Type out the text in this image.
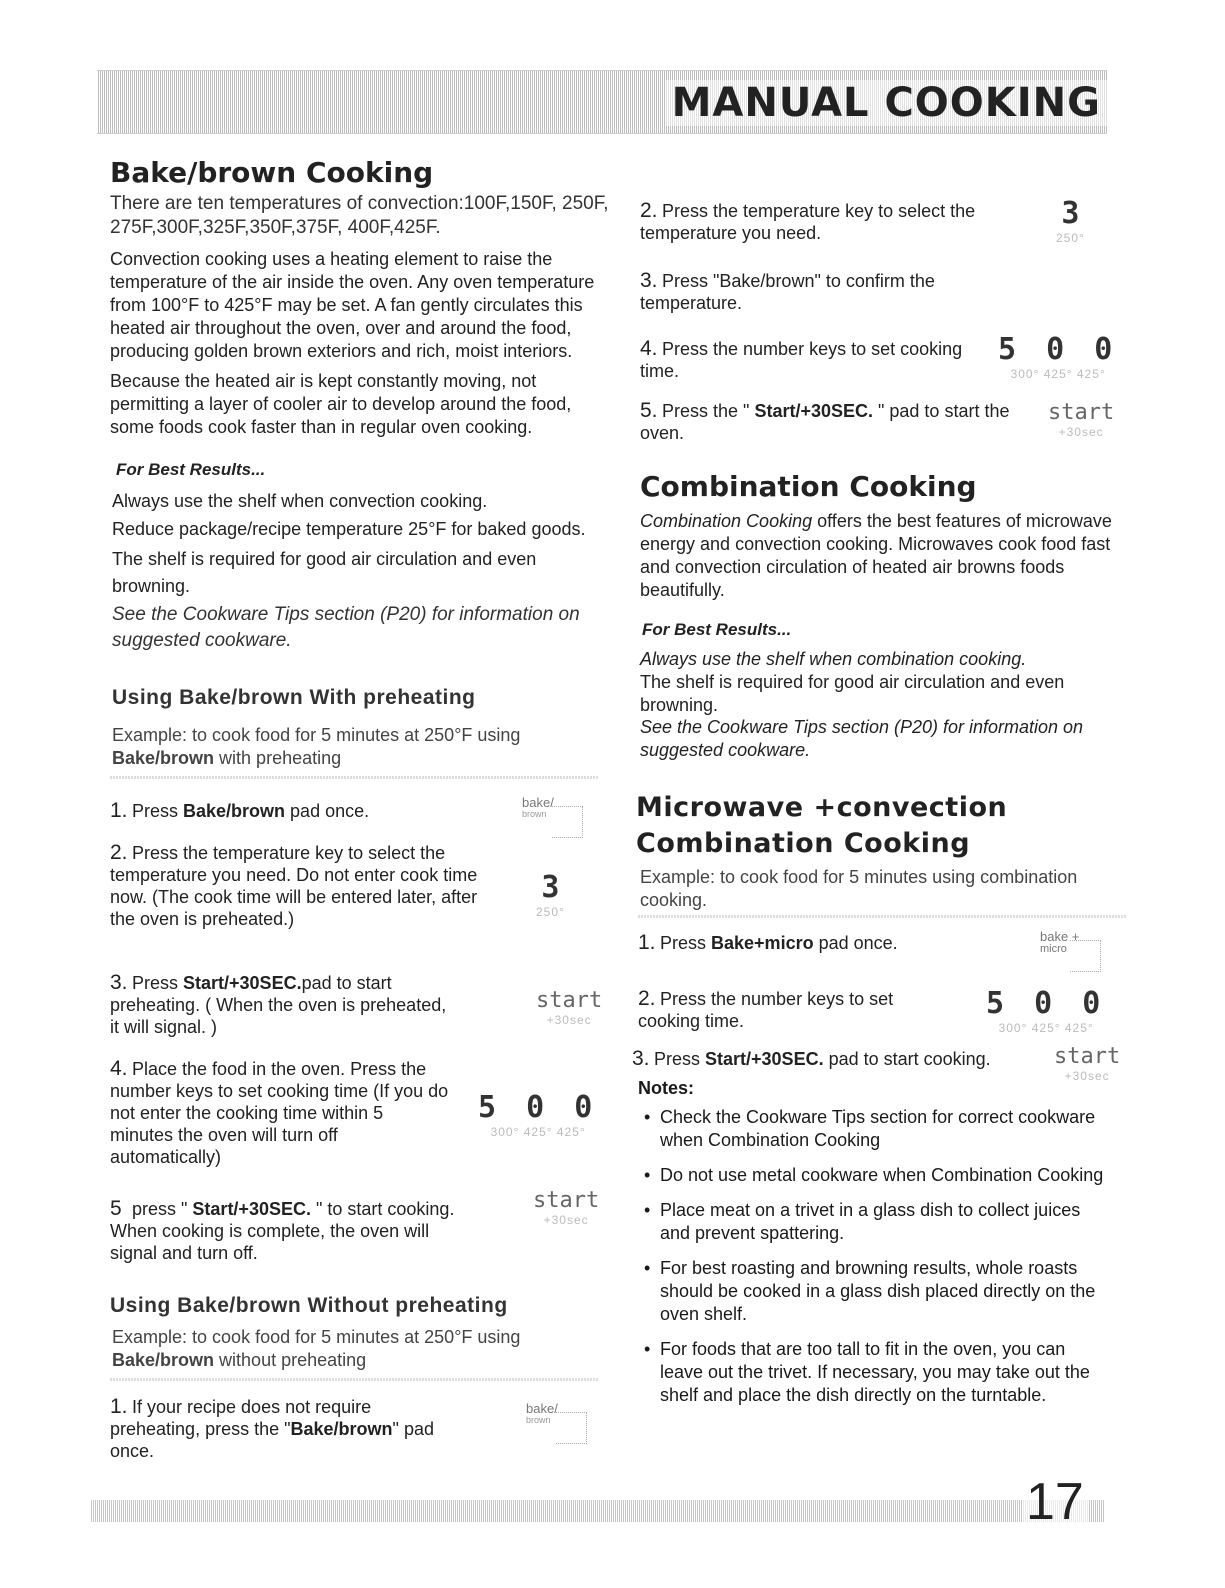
MANUAL COOKING
Bake/brown Cooking

There are ten temperatures of convection:100F,150F, 250F, 275F,300F,325F,350F,375F, 400F,425F.

Convection cooking uses a heating element to raise the temperature of the air inside the oven. Any oven temperature from 100°F to 425°F may be set. A fan gently circulates this heated air throughout the oven, over and around the food, producing golden brown exteriors and rich, moist interiors.

Because the heated air is kept constantly moving, not permitting a layer of cooler air to develop around the food, some foods cook faster than in regular oven cooking.

For Best Results...

Always use the shelf when convection cooking.

Reduce package/recipe temperature 25°F for baked goods.

The shelf is required for good air circulation and even browning.

See the Cookware Tips section (P20) for information on suggested cookware.

Using Bake/brown With preheating

Example: to cook food for 5 minutes at 250°F using
Bake/brown with preheating

1. Press Bake/brown pad once.
2. Press the temperature key to select the temperature you need. Do not enter cook time now. (The cook time will be entered later, after the oven is preheated.)
3. Press Start/+30SEC.pad to start preheating. ( When the oven is preheated, it will signal. )
4. Place the food in the oven. Press the number keys to set cooking time (If you do not enter the cooking time within 5 minutes the oven will turn off automatically)
5 press " Start/+30SEC. " to start cooking. When cooking is complete, the oven will signal and turn off.
bake/
brown
3
250°
start
+30sec
5 0 0
300° 425° 425°
start
+30sec
Using Bake/brown Without preheating

Example: to cook food for 5 minutes at 250°F using
Bake/brown without preheating

1. If your recipe does not require preheating, press the "Bake/brown" pad once.
bake/
brown
2. Press the temperature key to select the temperature you need.
3
250°
3. Press "Bake/brown" to confirm the temperature.
4. Press the number keys to set cooking time.
5 0 0
300° 425° 425°
5. Press the " Start/+30SEC. " pad to start the oven.
start
+30sec
Combination Cooking

Combination Cooking offers the best features of microwave energy and convection cooking. Microwaves cook food fast and convection circulation of heated air browns foods beautifully.

For Best Results...

Always use the shelf when combination cooking.

The shelf is required for good air circulation and even browning.

See the Cookware Tips section (P20) for information on suggested cookware.

Microwave +convection Combination Cooking

Example: to cook food for 5 minutes using combination cooking.

1. Press Bake+micro pad once.	bake +
micro
2. Press the number keys to set cooking time.	5 0 0
300° 425° 425°
3. Press Start/+30SEC. pad to start cooking.	start
+30sec

Notes:

• Check the Cookware Tips section for correct cookware when Combination Cooking
• Do not use metal cookware when Combination Cooking
• Place meat on a trivet in a glass dish to collect juices and prevent spattering.
• For best roasting and browning results, whole roasts should be cooked in a glass dish placed directly on the oven shelf.
• For foods that are too tall to fit in the oven, you can leave out the trivet. If necessary, you may take out the shelf and place the dish directly on the turntable.
17
